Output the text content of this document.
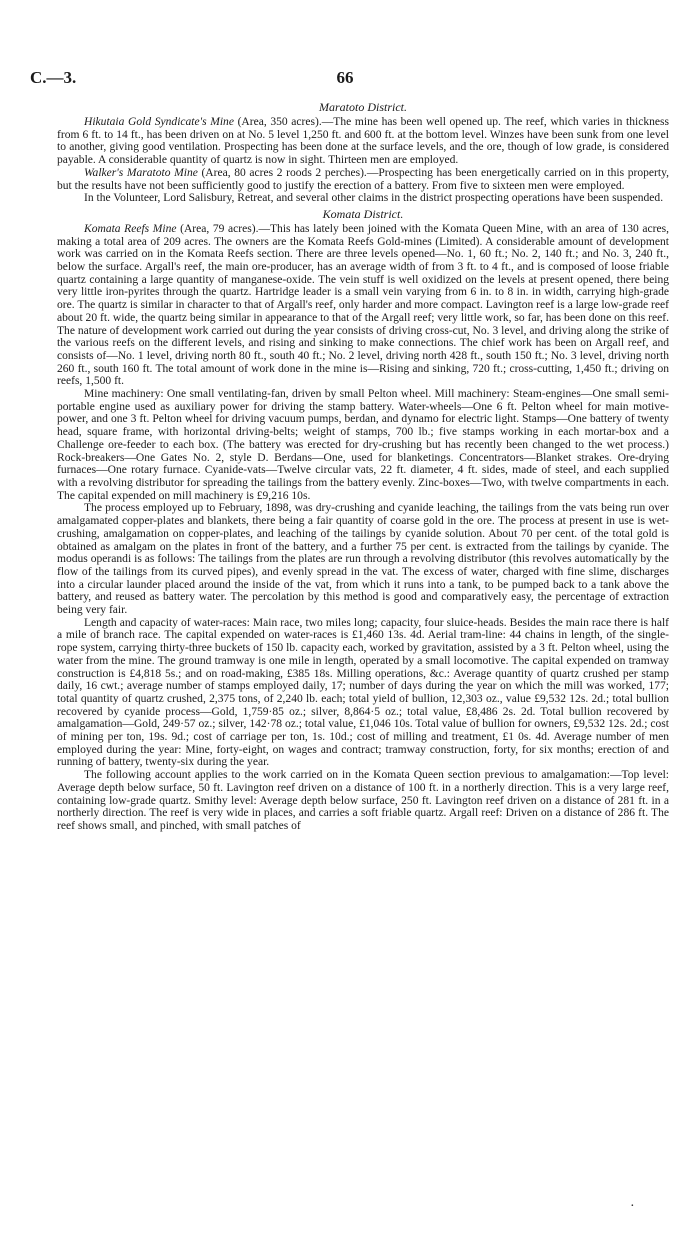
C.—3.	66
Maratoto District.

Hikutaia Gold Syndicate's Mine (Area, 350 acres).—The mine has been well opened up. The reef, which varies in thickness from 6 ft. to 14 ft., has been driven on at No. 5 level 1,250 ft. and 600 ft. at the bottom level. Winzes have been sunk from one level to another, giving good ventilation. Prospecting has been done at the surface levels, and the ore, though of low grade, is considered payable. A considerable quantity of quartz is now in sight. Thirteen men are employed.

Walker's Maratoto Mine (Area, 80 acres 2 roods 2 perches).—Prospecting has been energetically carried on in this property, but the results have not been sufficiently good to justify the erection of a battery. From five to sixteen men were employed.

In the Volunteer, Lord Salisbury, Retreat, and several other claims in the district prospecting operations have been suspended.

Komata District.

Komata Reefs Mine (Area, 79 acres).—This has lately been joined with the Komata Queen Mine, with an area of 130 acres, making a total area of 209 acres. The owners are the Komata Reefs Gold-mines (Limited). A considerable amount of development work was carried on in the Komata Reefs section. There are three levels opened—No. 1, 60 ft.; No. 2, 140 ft.; and No. 3, 240 ft., below the surface. Argall's reef, the main ore-producer, has an average width of from 3 ft. to 4 ft., and is composed of loose friable quartz containing a large quantity of manganese-oxide. The vein stuff is well oxidized on the levels at present opened, there being very little iron-pyrites through the quartz. Hartridge leader is a small vein varying from 6 in. to 8 in. in width, carrying high-grade ore. The quartz is similar in character to that of Argall's reef, only harder and more compact. Lavington reef is a large low-grade reef about 20 ft. wide, the quartz being similar in appearance to that of the Argall reef; very little work, so far, has been done on this reef. The nature of development work carried out during the year consists of driving cross-cut, No. 3 level, and driving along the strike of the various reefs on the different levels, and rising and sinking to make connections. The chief work has been on Argall reef, and consists of—No. 1 level, driving north 80 ft., south 40 ft.; No. 2 level, driving north 428 ft., south 150 ft.; No. 3 level, driving north 260 ft., south 160 ft. The total amount of work done in the mine is—Rising and sinking, 720 ft.; cross-cutting, 1,450 ft.; driving on reefs, 1,500 ft.

Mine machinery: One small ventilating-fan, driven by small Pelton wheel. Mill machinery: Steam-engines—One small semi-portable engine used as auxiliary power for driving the stamp battery. Water-wheels—One 6 ft. Pelton wheel for main motive-power, and one 3 ft. Pelton wheel for driving vacuum pumps, berdan, and dynamo for electric light. Stamps—One battery of twenty head, square frame, with horizontal driving-belts; weight of stamps, 700 lb.; five stamps working in each mortar-box and a Challenge ore-feeder to each box. (The battery was erected for dry-crushing but has recently been changed to the wet process.) Rock-breakers—One Gates No. 2, style D. Berdans—One, used for blanketings. Concentrators—Blanket strakes. Ore-drying furnaces—One rotary furnace. Cyanide-vats—Twelve circular vats, 22 ft. diameter, 4 ft. sides, made of steel, and each supplied with a revolving distributor for spreading the tailings from the battery evenly. Zinc-boxes—Two, with twelve compartments in each. The capital expended on mill machinery is £9,216 10s.

The process employed up to February, 1898, was dry-crushing and cyanide leaching, the tailings from the vats being run over amalgamated copper-plates and blankets, there being a fair quantity of coarse gold in the ore. The process at present in use is wet-crushing, amalgamation on copper-plates, and leaching of the tailings by cyanide solution. About 70 per cent. of the total gold is obtained as amalgam on the plates in front of the battery, and a further 75 per cent. is extracted from the tailings by cyanide. The modus operandi is as follows: The tailings from the plates are run through a revolving distributor (this revolves automatically by the flow of the tailings from its curved pipes), and evenly spread in the vat. The excess of water, charged with fine slime, discharges into a circular launder placed around the inside of the vat, from which it runs into a tank, to be pumped back to a tank above the battery, and reused as battery water. The percolation by this method is good and comparatively easy, the percentage of extraction being very fair.

Length and capacity of water-races: Main race, two miles long; capacity, four sluice-heads. Besides the main race there is half a mile of branch race. The capital expended on water-races is £1,460 13s. 4d. Aerial tram-line: 44 chains in length, of the single-rope system, carrying thirty-three buckets of 150 lb. capacity each, worked by gravitation, assisted by a 3 ft. Pelton wheel, using the water from the mine. The ground tramway is one mile in length, operated by a small locomotive. The capital expended on tramway construction is £4,818 5s.; and on road-making, £385 18s. Milling operations, &c.: Average quantity of quartz crushed per stamp daily, 16 cwt.; average number of stamps employed daily, 17; number of days during the year on which the mill was worked, 177; total quantity of quartz crushed, 2,375 tons, of 2,240 lb. each; total yield of bullion, 12,303 oz., value £9,532 12s. 2d.; total bullion recovered by cyanide process—Gold, 1,759·85 oz.; silver, 8,864·5 oz.; total value, £8,486 2s. 2d. Total bullion recovered by amalgamation—Gold, 249·57 oz.; silver, 142·78 oz.; total value, £1,046 10s. Total value of bullion for owners, £9,532 12s. 2d.; cost of mining per ton, 19s. 9d.; cost of carriage per ton, 1s. 10d.; cost of milling and treatment, £1 0s. 4d. Average number of men employed during the year: Mine, forty-eight, on wages and contract; tramway construction, forty, for six months; erection of and running of battery, twenty-six during the year.

The following account applies to the work carried on in the Komata Queen section previous to amalgamation:—Top level: Average depth below surface, 50 ft. Lavington reef driven on a distance of 100 ft. in a northerly direction. This is a very large reef, containing low-grade quartz. Smithy level: Average depth below surface, 250 ft. Lavington reef driven on a distance of 281 ft. in a northerly direction. The reef is very wide in places, and carries a soft friable quartz. Argall reef: Driven on a distance of 286 ft. The reef shows small, and pinched, with small patches of

·
